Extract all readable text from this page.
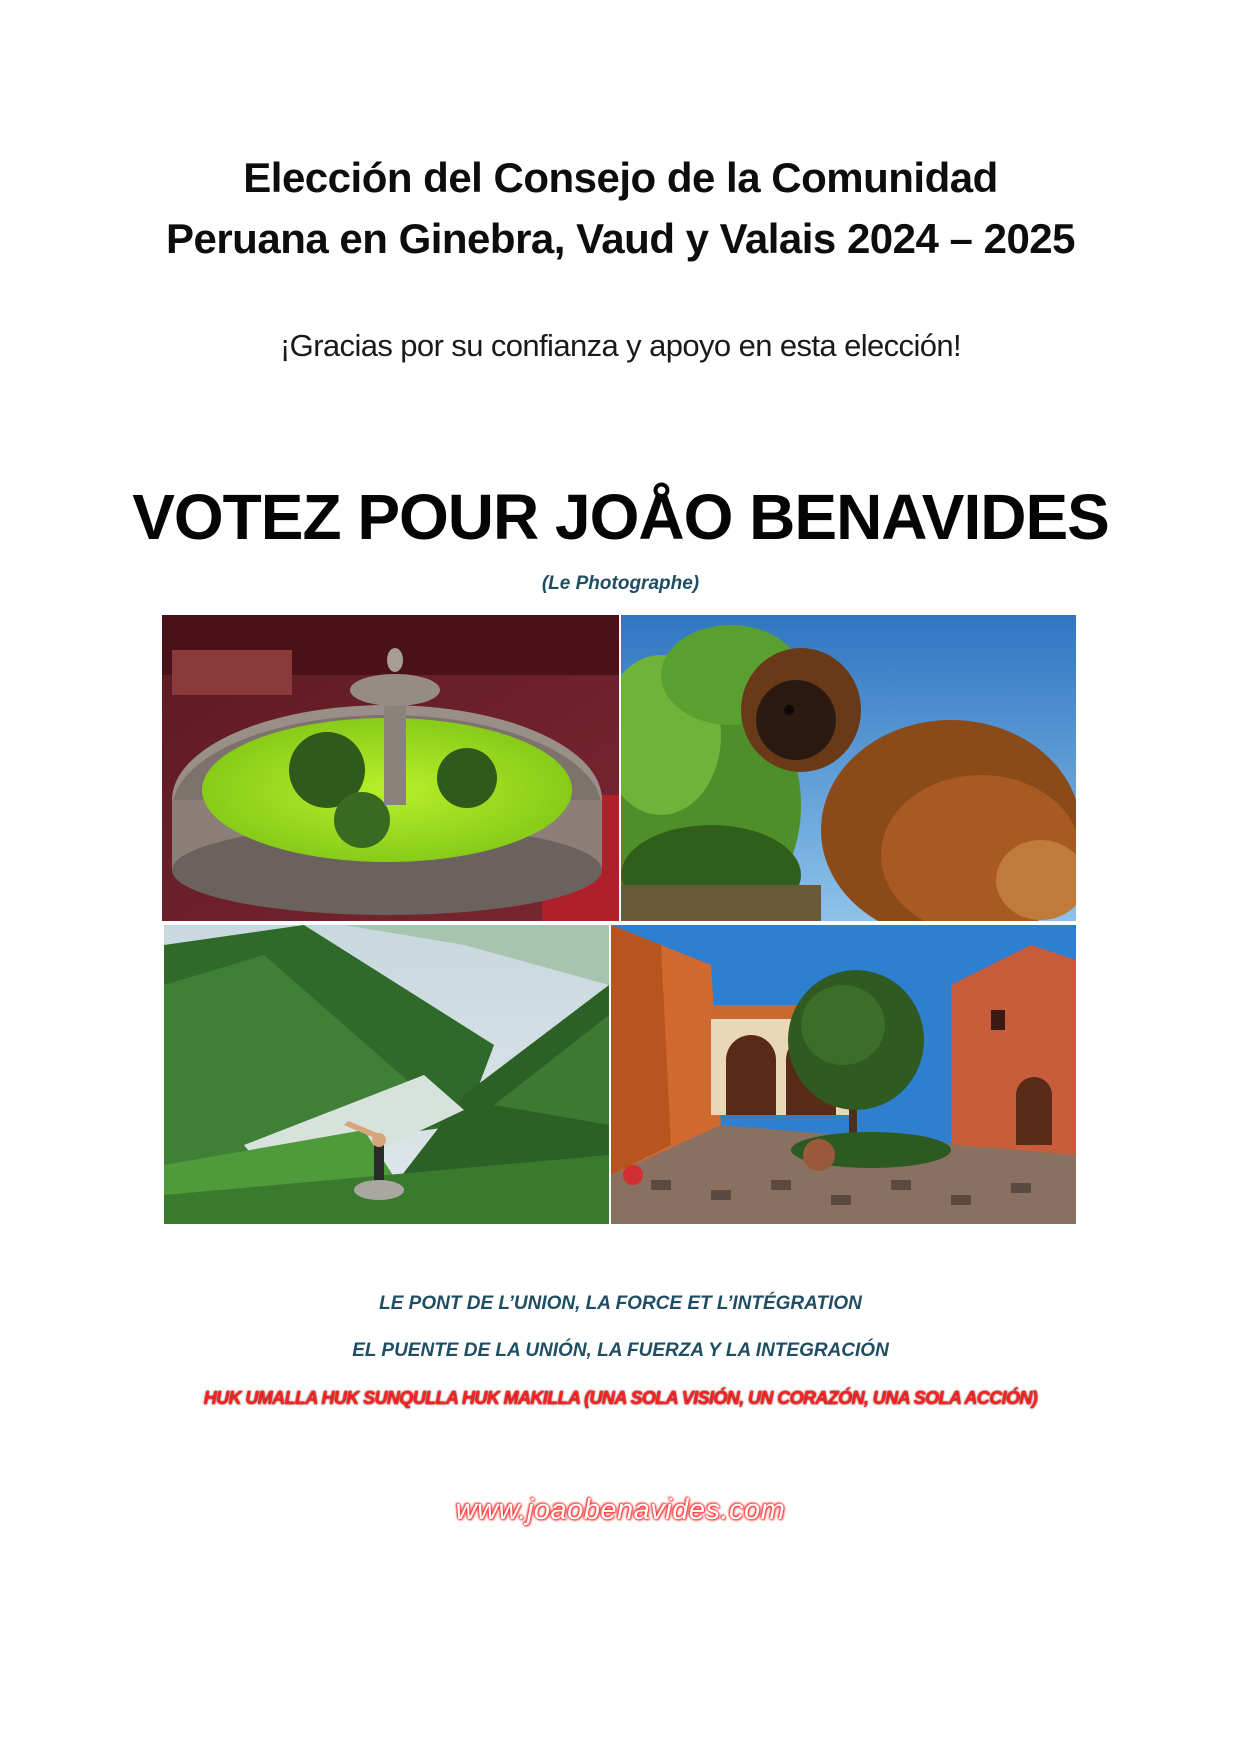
Elección del Consejo de la Comunidad
Peruana en Ginebra, Vaud y Valais 2024 – 2025
¡Gracias por su confianza y apoyo en esta elección!
VOTEZ POUR JOÅO BENAVIDES
(Le Photographe)
LE PONT DE L’UNION, LA FORCE ET L’INTÉGRATION
EL PUENTE DE LA UNIÓN, LA FUERZA Y LA INTEGRACIÓN
HUK UMALLA HUK SUNQULLA HUK MAKILLA (UNA SOLA VISIÓN, UN CORAZÓN, UNA SOLA ACCIÓN)
www.joaobenavides.com
